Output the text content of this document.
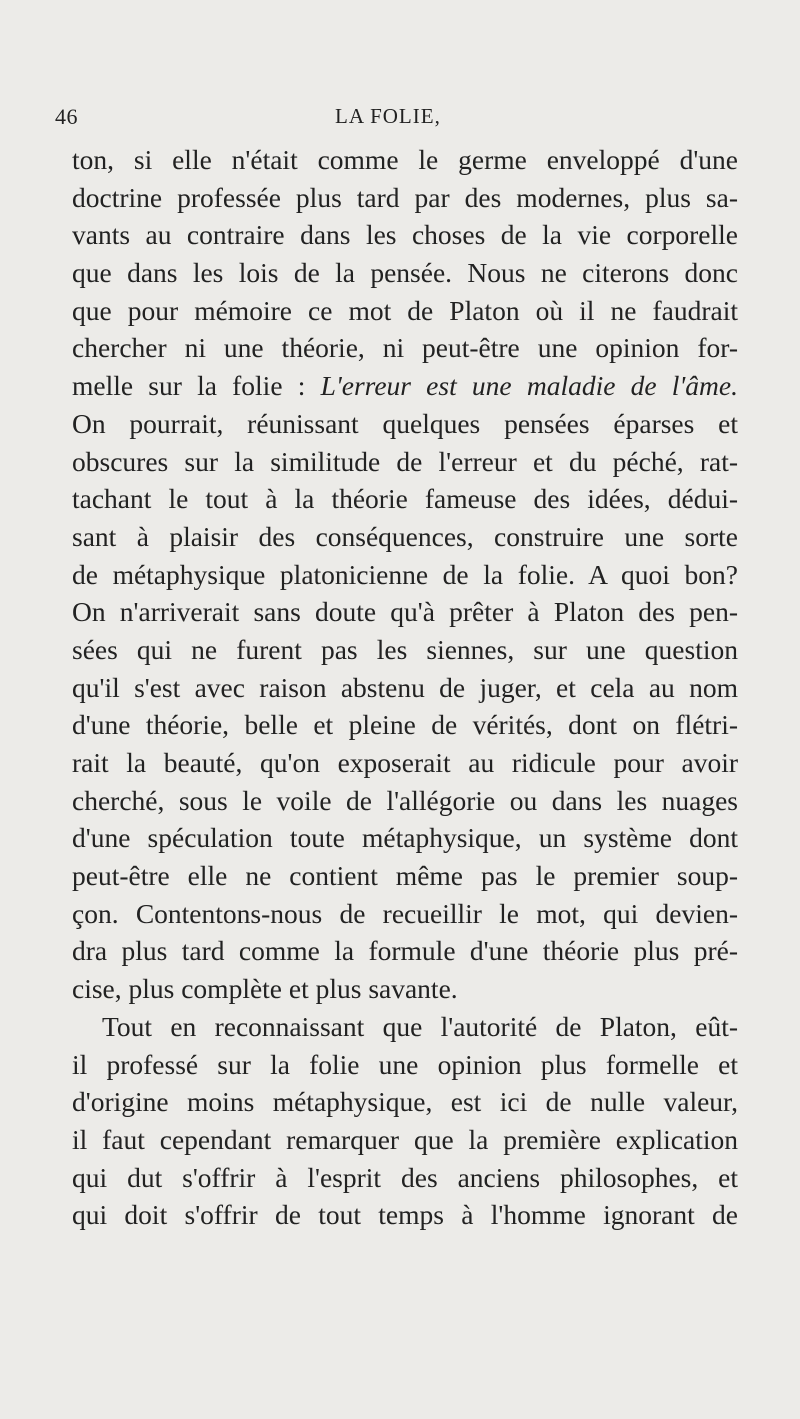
46	LA FOLIE,
ton, si elle n'était comme le germe enveloppé d'une
doctrine professée plus tard par des modernes, plus sa-
vants au contraire dans les choses de la vie corporelle
que dans les lois de la pensée. Nous ne citerons donc
que pour mémoire ce mot de Platon où il ne faudrait
chercher ni une théorie, ni peut-être une opinion for-
melle sur la folie : L'erreur est une maladie de l'âme.
On pourrait, réunissant quelques pensées éparses et
obscures sur la similitude de l'erreur et du péché, rat-
tachant le tout à la théorie fameuse des idées, dédui-
sant à plaisir des conséquences, construire une sorte
de métaphysique platonicienne de la folie. A quoi bon?
On n'arriverait sans doute qu'à prêter à Platon des pen-
sées qui ne furent pas les siennes, sur une question
qu'il s'est avec raison abstenu de juger, et cela au nom
d'une théorie, belle et pleine de vérités, dont on flétri-
rait la beauté, qu'on exposerait au ridicule pour avoir
cherché, sous le voile de l'allégorie ou dans les nuages
d'une spéculation toute métaphysique, un système dont
peut-être elle ne contient même pas le premier soup-
çon. Contentons-nous de recueillir le mot, qui devien-
dra plus tard comme la formule d'une théorie plus pré-
cise, plus complète et plus savante.
Tout en reconnaissant que l'autorité de Platon, eût-
il professé sur la folie une opinion plus formelle et
d'origine moins métaphysique, est ici de nulle valeur,
il faut cependant remarquer que la première explication
qui dut s'offrir à l'esprit des anciens philosophes, et
qui doit s'offrir de tout temps à l'homme ignorant de
